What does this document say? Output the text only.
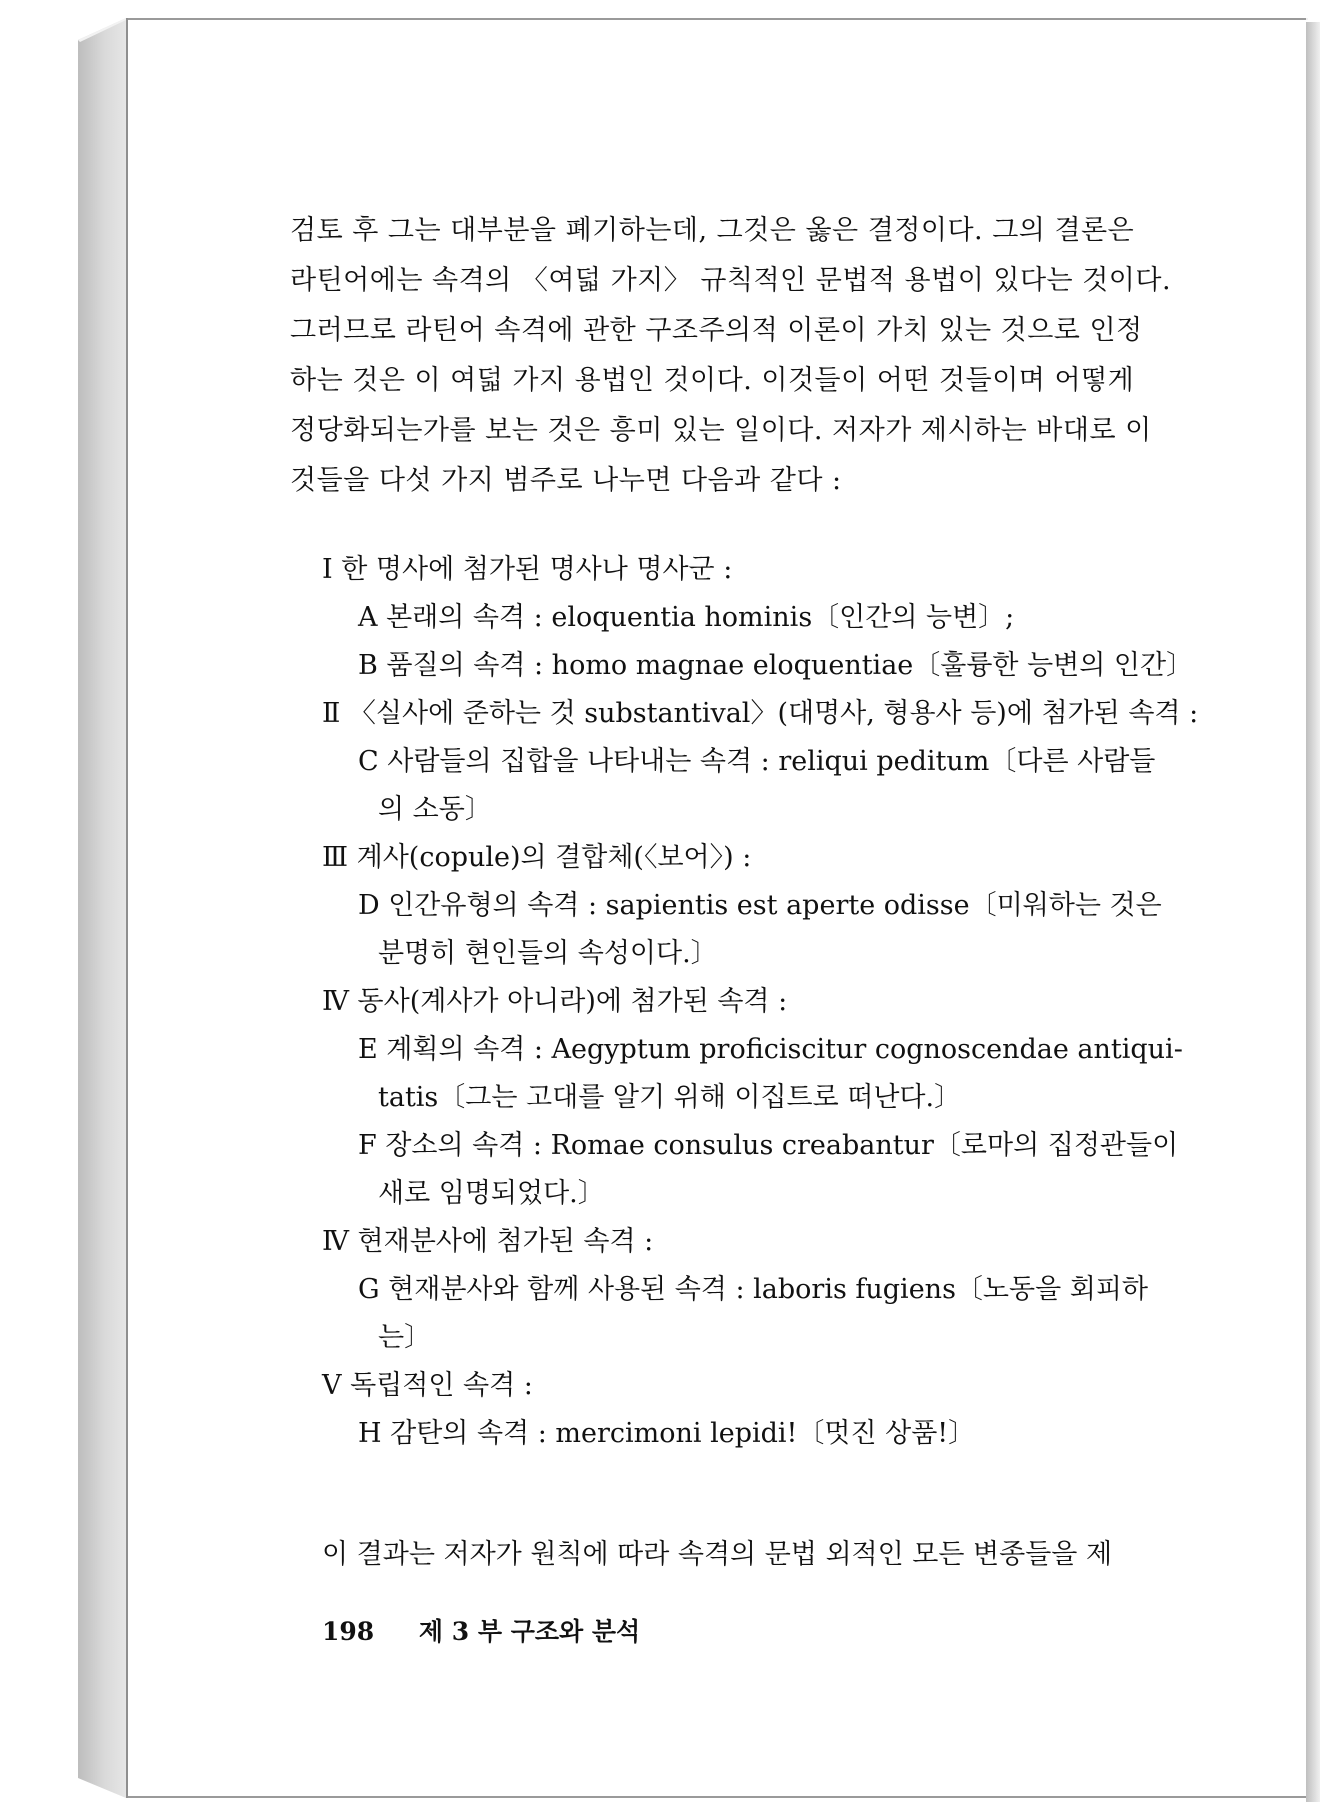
검토 후 그는 대부분을 폐기하는데, 그것은 옳은 결정이다. 그의 결론은
라틴어에는 속격의 〈여덟 가지〉 규칙적인 문법적 용법이 있다는 것이다.
그러므로 라틴어 속격에 관한 구조주의적 이론이 가치 있는 것으로 인정
하는 것은 이 여덟 가지 용법인 것이다. 이것들이 어떤 것들이며 어떻게
정당화되는가를 보는 것은 흥미 있는 일이다. 저자가 제시하는 바대로 이
것들을 다섯 가지 범주로 나누면 다음과 같다 :
Ⅰ 한 명사에 첨가된 명사나 명사군 :
A 본래의 속격 : eloquentia hominis〔인간의 능변〕;
B 품질의 속격 : homo magnae eloquentiae〔훌륭한 능변의 인간〕
Ⅱ 〈실사에 준하는 것 substantival〉(대명사, 형용사 등)에 첨가된 속격 :
C 사람들의 집합을 나타내는 속격 : reliqui peditum〔다른 사람들
의 소동〕
Ⅲ 계사(copule)의 결합체(〈보어〉) :
D 인간유형의 속격 : sapientis est aperte odisse〔미워하는 것은
분명히 현인들의 속성이다.〕
Ⅳ 동사(계사가 아니라)에 첨가된 속격 :
E 계획의 속격 : Aegyptum proficiscitur cognoscendae antiqui-
tatis〔그는 고대를 알기 위해 이집트로 떠난다.〕
F 장소의 속격 : Romae consulus creabantur〔로마의 집정관들이
새로 임명되었다.〕
Ⅳ 현재분사에 첨가된 속격 :
G 현재분사와 함께 사용된 속격 : laboris fugiens〔노동을 회피하
는〕
Ⅴ 독립적인 속격 :
H 감탄의 속격 : mercimoni lepidi!〔멋진 상품!〕
이 결과는 저자가 원칙에 따라 속격의 문법 외적인 모든 변종들을 제
198 제 3 부 구조와 분석
